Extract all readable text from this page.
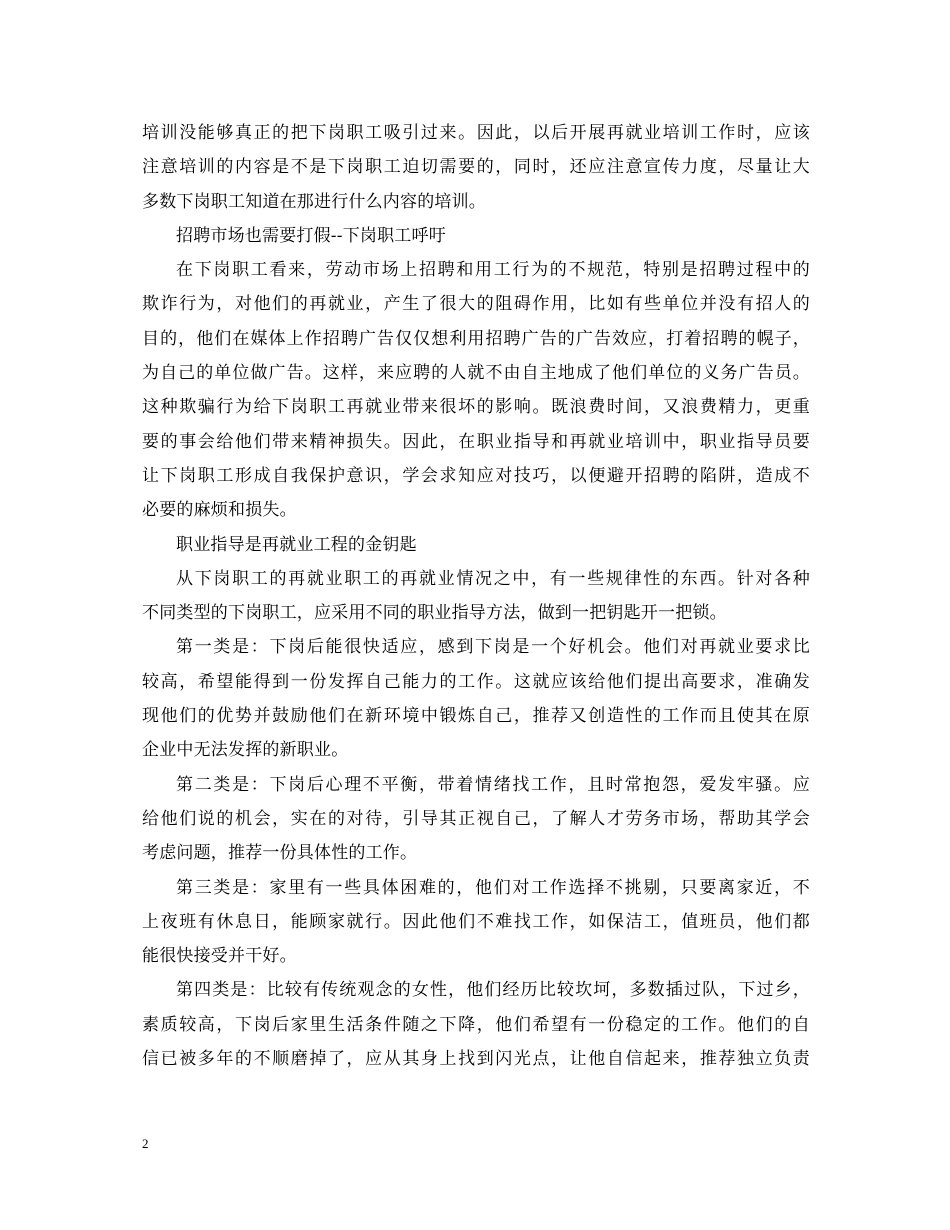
培训没能够真正的把下岗职工吸引过来。因此，以后开展再就业培训工作时，应该
注意培训的内容是不是下岗职工迫切需要的，同时，还应注意宣传力度，尽量让大
多数下岗职工知道在那进行什么内容的培训。
招聘市场也需要打假--下岗职工呼吁
在下岗职工看来，劳动市场上招聘和用工行为的不规范，特别是招聘过程中的
欺诈行为，对他们的再就业，产生了很大的阻碍作用，比如有些单位并没有招人的
目的，他们在媒体上作招聘广告仅仅想利用招聘广告的广告效应，打着招聘的幌子，
为自己的单位做广告。这样，来应聘的人就不由自主地成了他们单位的义务广告员。
这种欺骗行为给下岗职工再就业带来很坏的影响。既浪费时间，又浪费精力，更重
要的事会给他们带来精神损失。因此，在职业指导和再就业培训中，职业指导员要
让下岗职工形成自我保护意识，学会求知应对技巧，以便避开招聘的陷阱，造成不
必要的麻烦和损失。
职业指导是再就业工程的金钥匙
从下岗职工的再就业职工的再就业情况之中，有一些规律性的东西。针对各种
不同类型的下岗职工，应采用不同的职业指导方法，做到一把钥匙开一把锁。
第一类是：下岗后能很快适应，感到下岗是一个好机会。他们对再就业要求比
较高，希望能得到一份发挥自己能力的工作。这就应该给他们提出高要求，准确发
现他们的优势并鼓励他们在新环境中锻炼自己，推荐又创造性的工作而且使其在原
企业中无法发挥的新职业。
第二类是：下岗后心理不平衡，带着情绪找工作，且时常抱怨，爱发牢骚。应
给他们说的机会，实在的对待，引导其正视自己，了解人才劳务市场，帮助其学会
考虑问题，推荐一份具体性的工作。
第三类是：家里有一些具体困难的，他们对工作选择不挑剔，只要离家近，不
上夜班有休息日，能顾家就行。因此他们不难找工作，如保洁工，值班员，他们都
能很快接受并干好。
第四类是：比较有传统观念的女性，他们经历比较坎坷，多数插过队，下过乡，
素质较高，下岗后家里生活条件随之下降，他们希望有一份稳定的工作。他们的自
信已被多年的不顺磨掉了，应从其身上找到闪光点，让他自信起来，推荐独立负责
2
